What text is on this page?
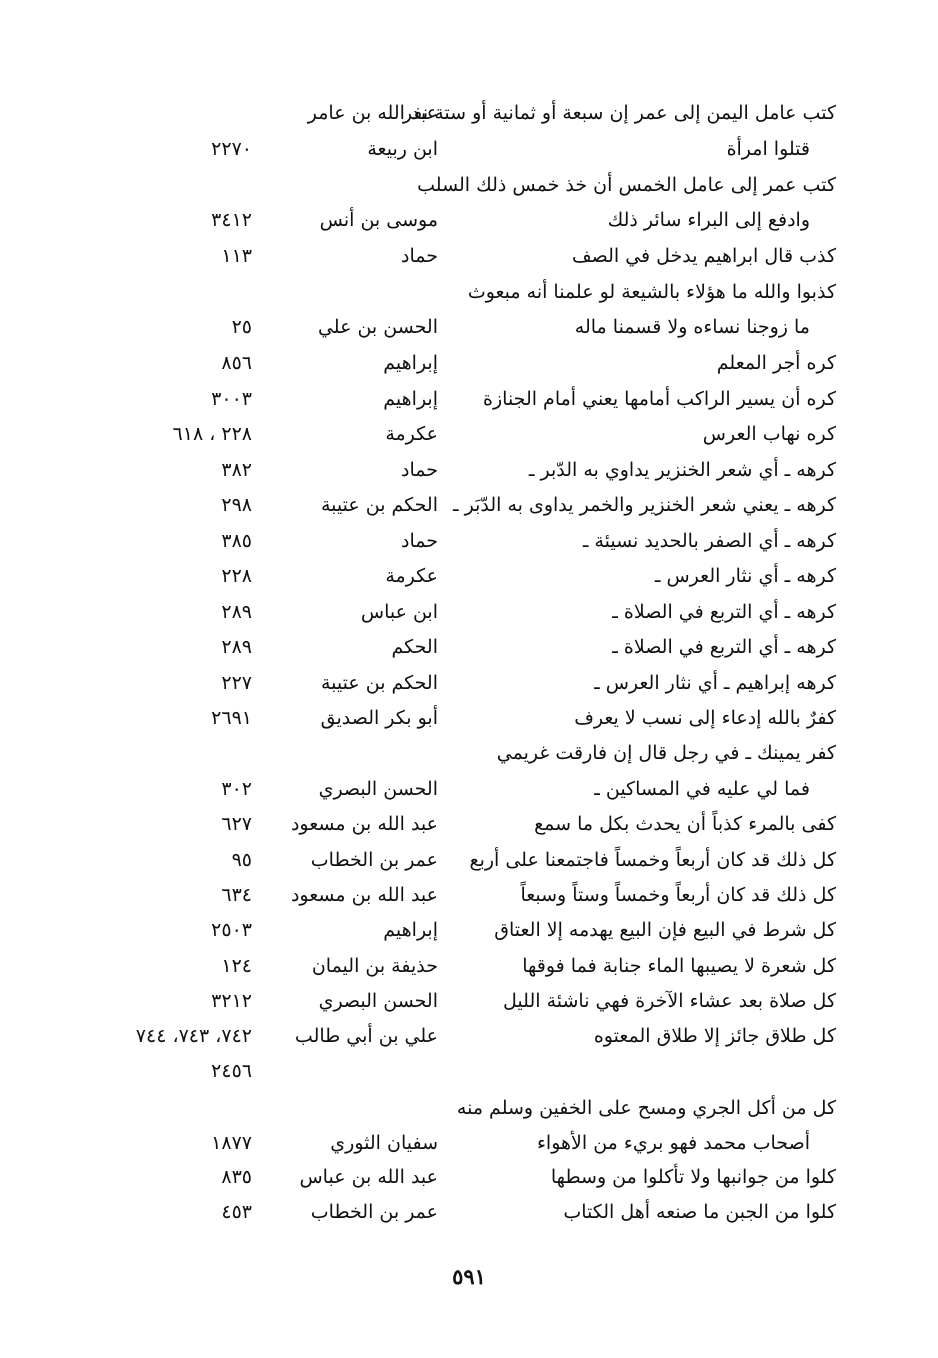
كتب عامل اليمن إلى عمر إن سبعة أو ثمانية أو ستة نفر
عبد الله بن عامر
قتلوا امرأة
ابن ربيعة
٢٢٧٠
كتب عمر إلى عامل الخمس أن خذ خمس ذلك السلب
وادفع إلى البراء سائر ذلك
موسى بن أنس
٣٤١٢
كذب قال ابراهيم يدخل في الصف
حماد
١١٣
كذبوا والله ما هؤلاء بالشيعة لو علمنا أنه مبعوث
ما زوجنا نساءه ولا قسمنا ماله
الحسن بن علي
٢٥
كره أجر المعلم
إبراهيم
٨٥٦
كره أن يسير الراكب أمامها يعني أمام الجنازة
إبراهيم
٣٠٠٣
كره نهاب العرس
عكرمة
٢٢٨ ، ٦١٨
كرهه ـ أي شعر الخنزير يداوي به الدّبر ـ
حماد
٣٨٢
كرهه ـ يعني شعر الخنزير والخمر يداوى به الدّبَر ـ
الحكم بن عتيبة
٢٩٨
كرهه ـ أي الصفر بالحديد نسيئة ـ
حماد
٣٨٥
كرهه ـ أي نثار العرس ـ
عكرمة
٢٢٨
كرهه ـ أي التربع في الصلاة ـ
ابن عباس
٢٨٩
كرهه ـ أي التربع في الصلاة ـ
الحكم
٢٨٩
كرهه إبراهيم ـ أي نثار العرس ـ
الحكم بن عتيبة
٢٢٧
كفرٌ بالله إدعاء إلى نسب لا يعرف
أبو بكر الصديق
٢٦٩١
كفر يمينك ـ في رجل قال إن فارقت غريمي
فما لي عليه في المساكين ـ
الحسن البصري
٣٠٢
كفى بالمرء كذباً أن يحدث بكل ما سمع
عبد الله بن مسعود
٦٢٧
كل ذلك قد كان أربعاً وخمساً فاجتمعنا على أربع
عمر بن الخطاب
٩٥
كل ذلك قد كان أربعاً وخمساً وستاً وسبعاً
عبد الله بن مسعود
٦٣٤
كل شرط في البيع فإن البيع يهدمه إلا العتاق
إبراهيم
٢٥٠٣
كل شعرة لا يصيبها الماء جنابة فما فوقها
حذيفة بن اليمان
١٢٤
كل صلاة بعد عشاء الآخرة فهي ناشئة الليل
الحسن البصري
٣٢١٢
كل طلاق جائز إلا طلاق المعتوه
علي بن أبي طالب
٧٤٢، ٧٤٣، ٧٤٤
٢٤٥٦
كل من أكل الجري ومسح على الخفين وسلم منه
أصحاب محمد فهو بريء من الأهواء
سفيان الثوري
١٨٧٧
كلوا من جوانبها ولا تأكلوا من وسطها
عبد الله بن عباس
٨٣٥
كلوا من الجبن ما صنعه أهل الكتاب
عمر بن الخطاب
٤٥٣
٥٩١
